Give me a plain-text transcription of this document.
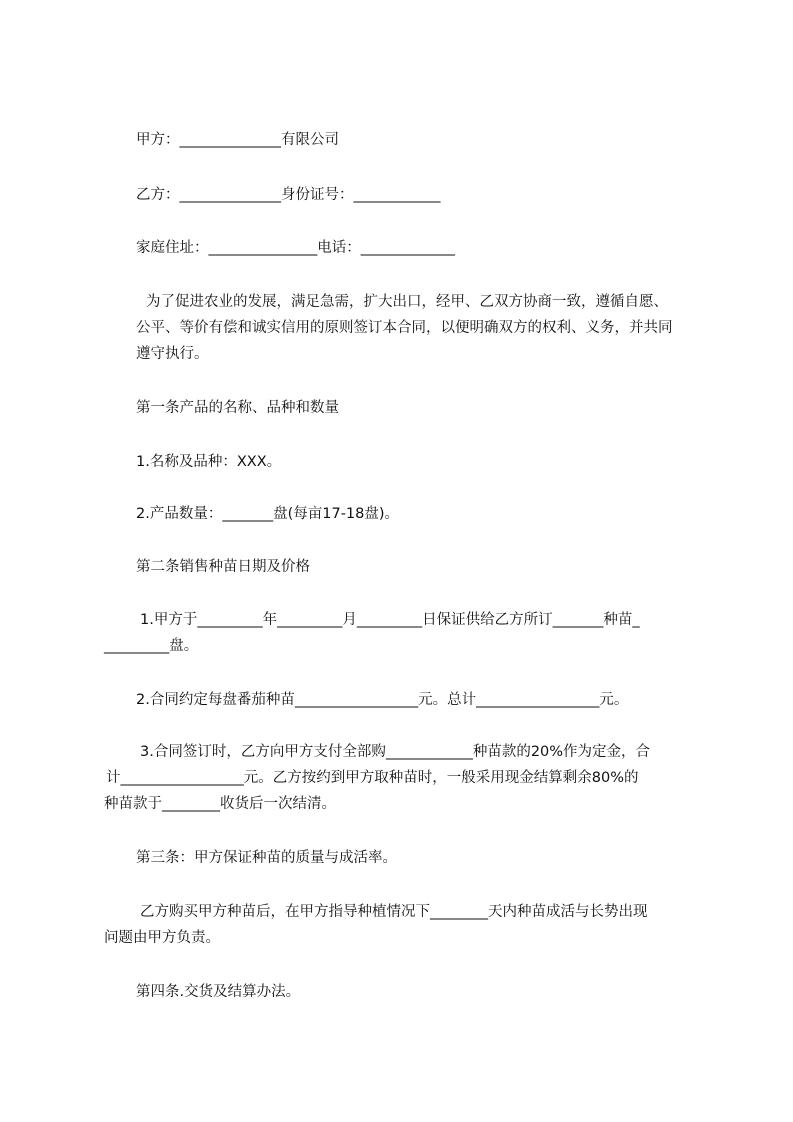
甲方：______________有限公司

乙方：______________身份证号：____________

家庭住址：_______________电话：_____________

为了促进农业的发展，满足急需，扩大出口，经甲、乙双方协商一致，遵循自愿、

公平、等价有偿和诚实信用的原则签订本合同，以便明确双方的权利、义务，并共同

遵守执行。

第一条产品的名称、品种和数量

1.名称及品种：XXX。

2.产品数量：_______盘(每亩17-18盘)。

第二条销售种苗日期及价格

1.甲方于_________年_________月_________日保证供给乙方所订_______种苗_

_________盘。

2.合同约定每盘番茄种苗_________________元。总计_________________元。

3.合同签订时，乙方向甲方支付全部购____________种苗款的20%作为定金，合

计_________________元。乙方按约到甲方取种苗时，一般采用现金结算剩余80%的

种苗款于________收货后一次结清。

第三条：甲方保证种苗的质量与成活率。

乙方购买甲方种苗后，在甲方指导种植情况下________天内种苗成活与长势出现

问题由甲方负责。

第四条.交货及结算办法。
